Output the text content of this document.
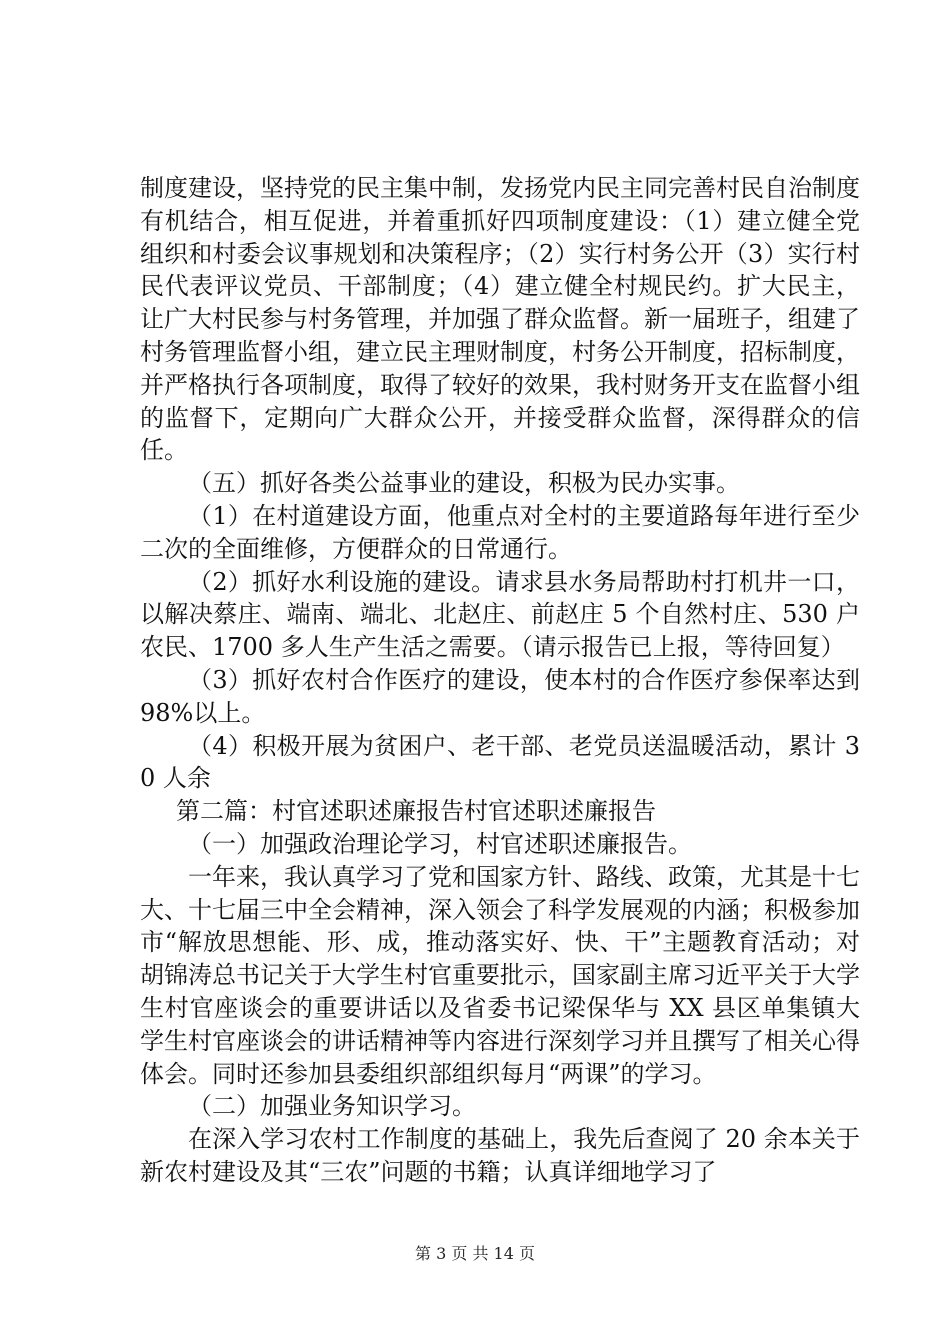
制度建设，坚持党的民主集中制，发扬党内民主同完善村民自治制度有机结合，相互促进，并着重抓好四项制度建设：（1）建立健全党组织和村委会议事规划和决策程序；（2）实行村务公开（3）实行村民代表评议党员、干部制度；（4）建立健全村规民约。扩大民主，让广大村民参与村务管理，并加强了群众监督。新一届班子，组建了村务管理监督小组，建立民主理财制度，村务公开制度，招标制度，并严格执行各项制度，取得了较好的效果，我村财务开支在监督小组的监督下，定期向广大群众公开，并接受群众监督，深得群众的信任。

（五）抓好各类公益事业的建设，积极为民办实事。

（1）在村道建设方面，他重点对全村的主要道路每年进行至少二次的全面维修，方便群众的日常通行。

（2）抓好水利设施的建设。请求县水务局帮助村打机井一口，以解决蔡庄、端南、端北、北赵庄、前赵庄 5 个自然村庄、530 户农民、1700 多人生产生活之需要。（请示报告已上报，等待回复）

（3）抓好农村合作医疗的建设，使本村的合作医疗参保率达到 98%以上。

（4）积极开展为贫困户、老干部、老党员送温暖活动，累计 30 人余

第二篇：村官述职述廉报告村官述职述廉报告

（一）加强政治理论学习，村官述职述廉报告。

一年来，我认真学习了党和国家方针、路线、政策，尤其是十七大、十七届三中全会精神，深入领会了科学发展观的内涵；积极参加市“解放思想能、形、成，推动落实好、快、干”主题教育活动；对胡锦涛总书记关于大学生村官重要批示，国家副主席习近平关于大学生村官座谈会的重要讲话以及省委书记梁保华与 XX 县区单集镇大学生村官座谈会的讲话精神等内容进行深刻学习并且撰写了相关心得体会。同时还参加县委组织部组织每月“两课”的学习。

（二）加强业务知识学习。

在深入学习农村工作制度的基础上，我先后查阅了 20 余本关于新农村建设及其“三农”问题的书籍；认真详细地学习了

第 3 页 共 14 页
